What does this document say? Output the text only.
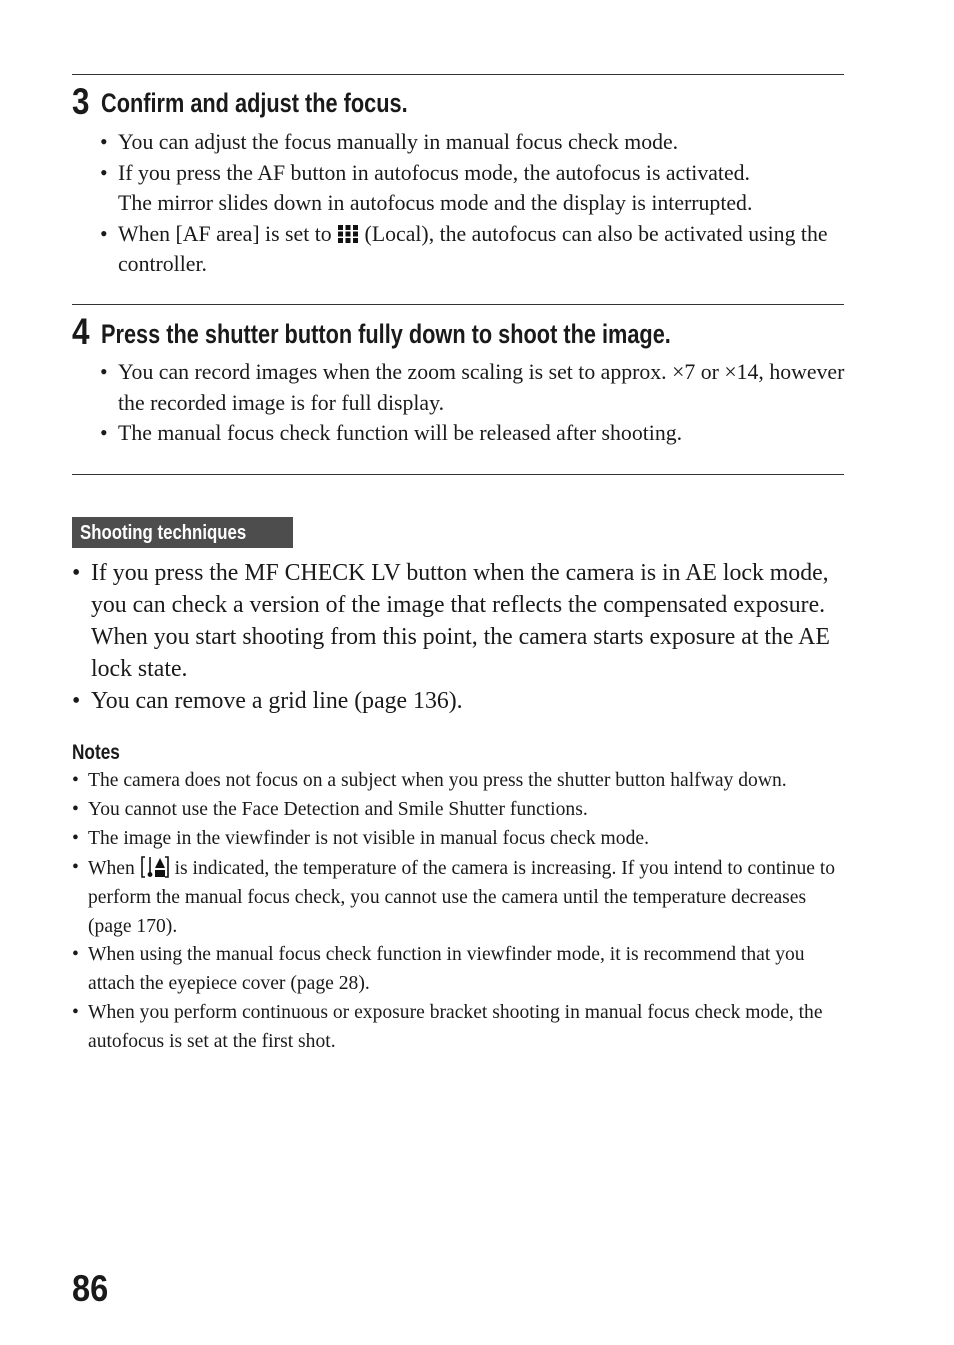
3 Confirm and adjust the focus.
• You can adjust the focus manually in manual focus check mode.
• If you press the AF button in autofocus mode, the autofocus is activated.
The mirror slides down in autofocus mode and the display is interrupted.
• When [AF area] is set to  (Local), the autofocus can also be activated using the controller.
4 Press the shutter button fully down to shoot the image.
• You can record images when the zoom scaling is set to approx. ×7 or ×14, however the recorded image is for full display.
• The manual focus check function will be released after shooting.
Shooting techniques
• If you press the MF CHECK LV button when the camera is in AE lock mode, you can check a version of the image that reflects the compensated exposure. When you start shooting from this point, the camera starts exposure at the AE lock state.
• You can remove a grid line (page 136).
Notes
• The camera does not focus on a subject when you press the shutter button halfway down.
• You cannot use the Face Detection and Smile Shutter functions.
• The image in the viewfinder is not visible in manual focus check mode.
• When  is indicated, the temperature of the camera is increasing. If you intend to continue to perform the manual focus check, you cannot use the camera until the temperature decreases (page 170).
• When using the manual focus check function in viewfinder mode, it is recommend that you attach the eyepiece cover (page 28).
• When you perform continuous or exposure bracket shooting in manual focus check mode, the autofocus is set at the first shot.
86
